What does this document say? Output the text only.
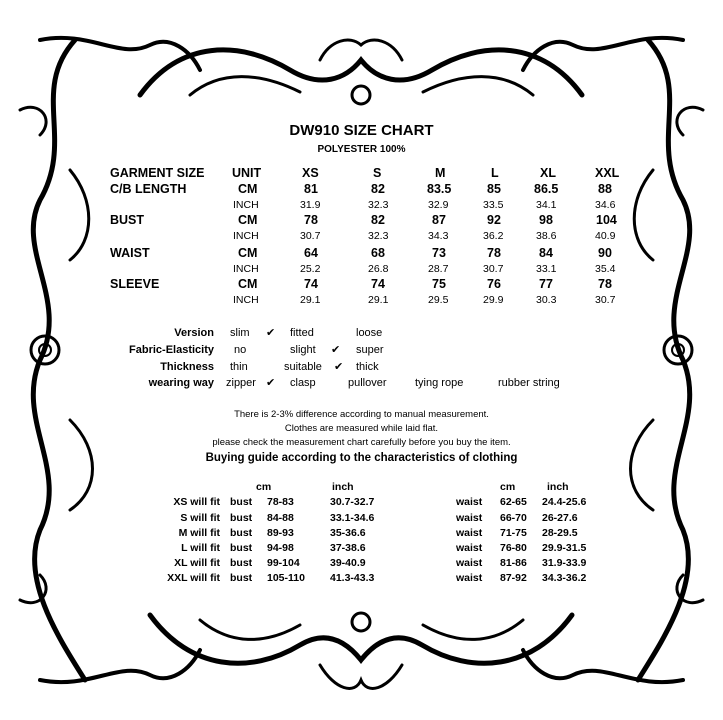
DW910 SIZE CHART
POLYESTER 100%
GARMENT SIZE UNIT	XS	S	M	L	XL	XXL
C/B LENGTH	CM	81	82	83.5	85	86.5	88
INCH	31.9	32.3	32.9	33.5	34.1	34.6
BUST	CM	78	82	87	92	98	104
INCH	30.7	32.3	34.3	36.2	38.6	40.9
WAIST	CM	64	68	73	78	84	90
INCH	25.2	26.8	28.7	30.7	33.1	35.4
SLEEVE	CM	74	74	75	76	77	78
INCH	29.1	29.1	29.5	29.9	30.3	30.7
Version slim ✔ fitted	loose
Fabric-Elasticity no	slight ✔ super
Thickness thin	suitable ✔ thick
wearing way zipper ✔ clasp	pullover	tying rope	rubber string
There is 2-3% difference according to manual measurement.
Clothes are measured while laid flat.
please check the measurement chart carefully before you buy the item.
Buying guide according to the characteristics of clothing
cm	inch	cm	inch
XS will fit bust 78-83	30.7-32.7	waist 62-65 24.4-25.6
S will fit bust 84-88	33.1-34.6	waist 66-70 26-27.6
M will fit bust 89-93	35-36.6	waist 71-75 28-29.5
L will fit bust 94-98	37-38.6	waist 76-80 29.9-31.5
XL will fit bust 99-104	39-40.9	waist 81-86 31.9-33.9
XXL will fit bust 105-110 41.3-43.3	waist 87-92 34.3-36.2
